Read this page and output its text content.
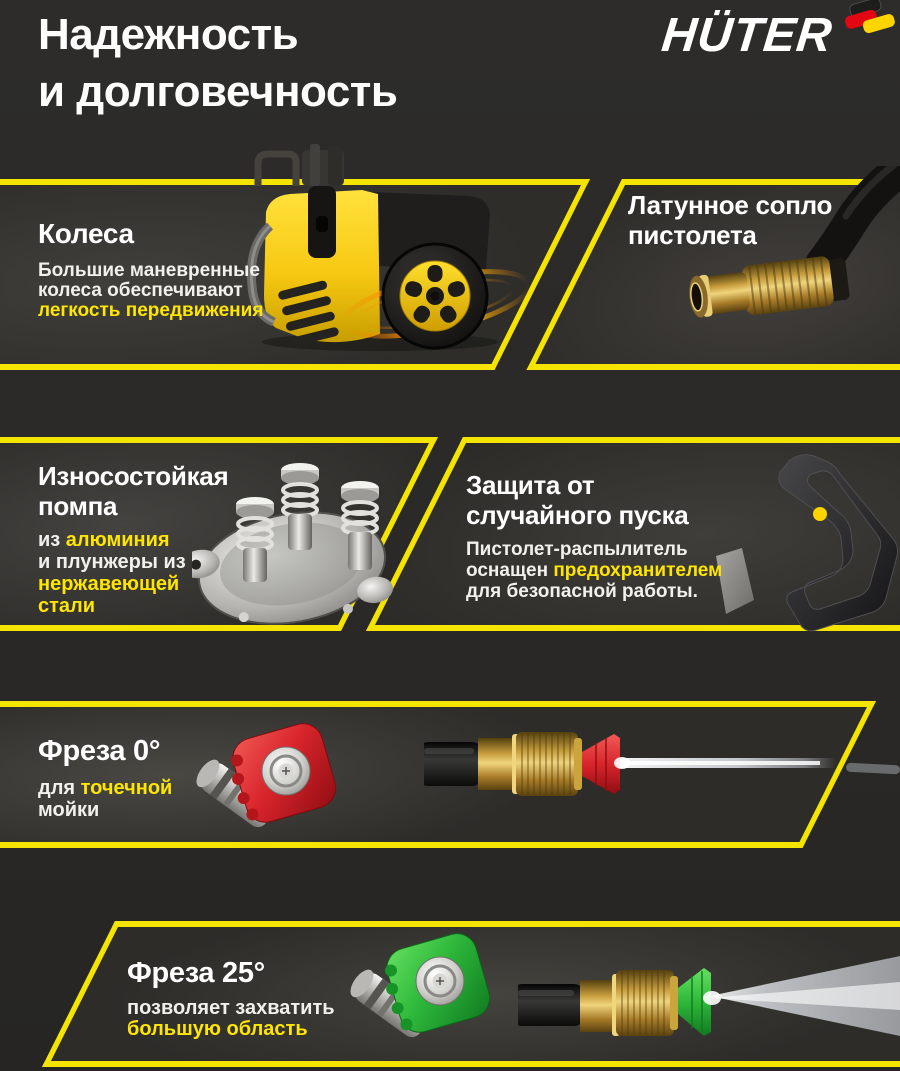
Надежность
и долговечность
HÜTER
Колеса
Большие маневренные
колеса обеспечивают
легкость передвижения
Латунное сопло
пистолета
Износостойкая
помпа
из алюминия
и плунжеры из
нержавеющей
стали
Защита от
случайного пуска
Пистолет-распылитель
оснащен предохранителем
для безопасной работы.
Фреза 0°
для точечной
мойки
Фреза 25°
позволяет захватить
большую область
